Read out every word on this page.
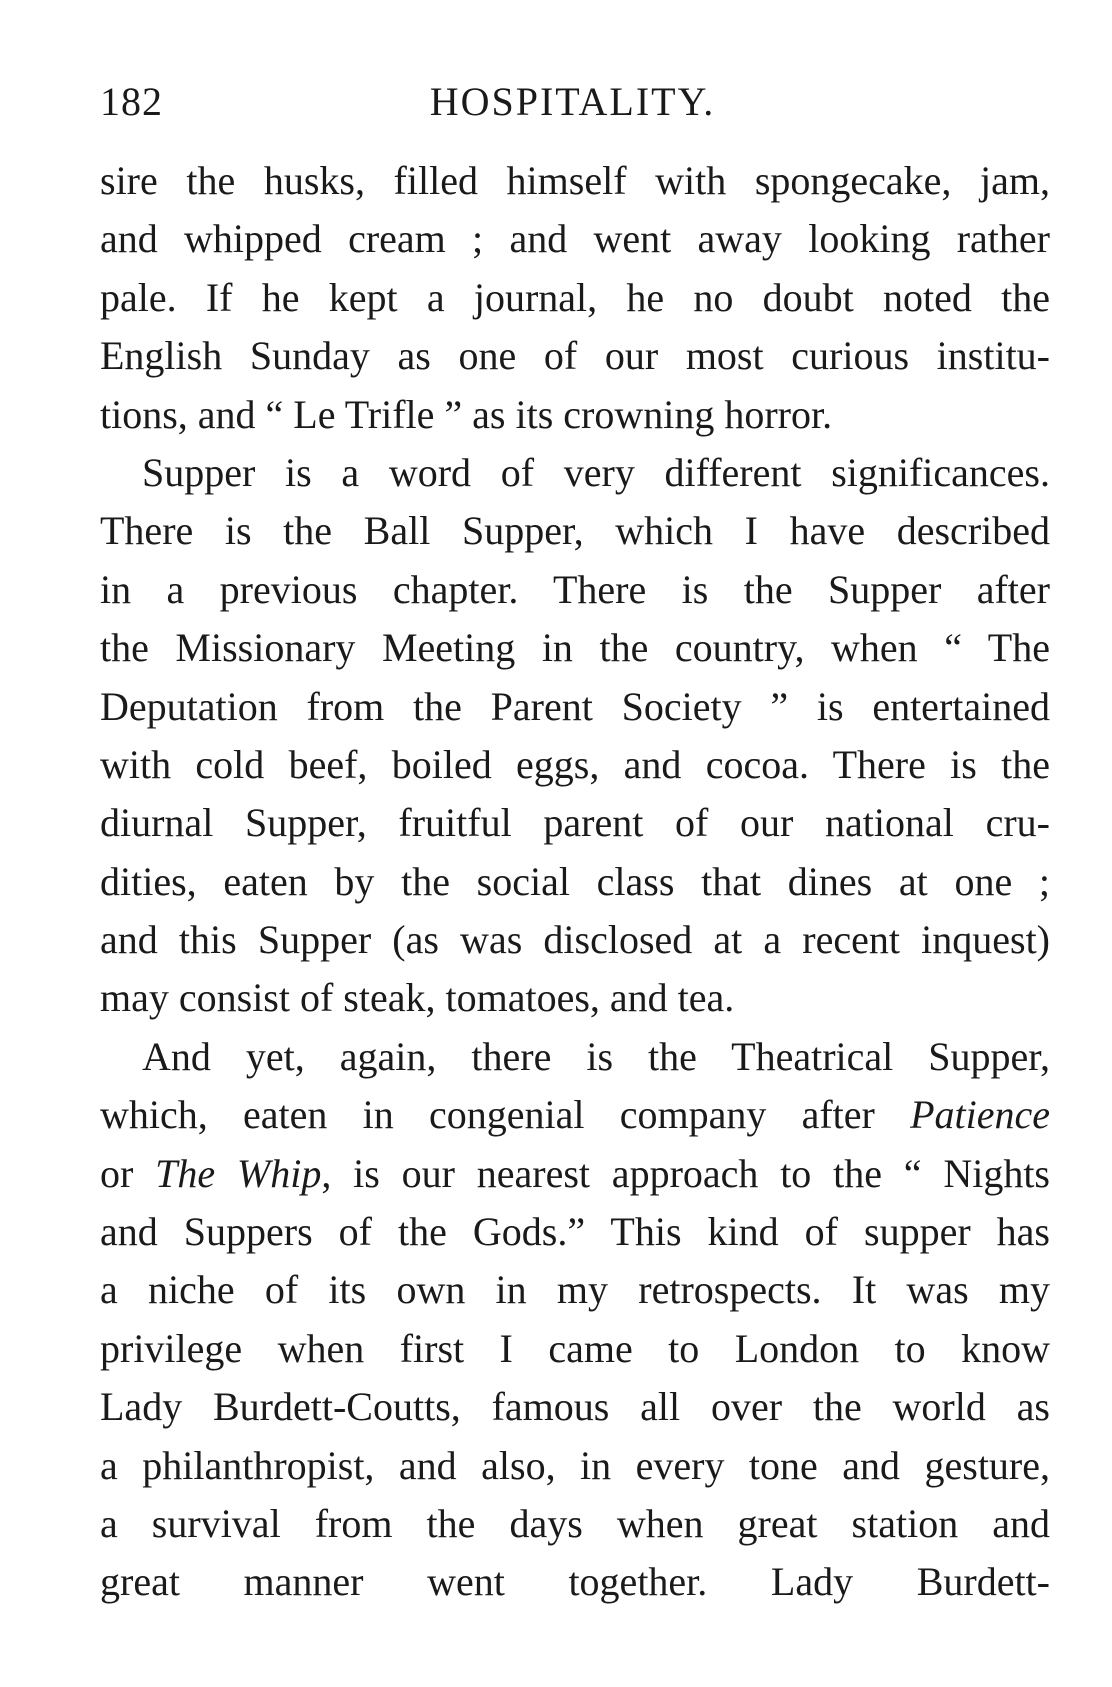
182	HOSPITALITY.
sire the husks, filled himself with spongecake, jam,
and whipped cream ; and went away looking rather
pale. If he kept a journal, he no doubt noted the
English Sunday as one of our most curious institu-
tions, and “ Le Trifle ” as its crowning horror.
Supper is a word of very different significances.
There is the Ball Supper, which I have described
in a previous chapter. There is the Supper after
the Missionary Meeting in the country, when “ The
Deputation from the Parent Society ” is entertained
with cold beef, boiled eggs, and cocoa. There is the
diurnal Supper, fruitful parent of our national cru-
dities, eaten by the social class that dines at one ;
and this Supper (as was disclosed at a recent inquest)
may consist of steak, tomatoes, and tea.
And yet, again, there is the Theatrical Supper,
which, eaten in congenial company after Patience
or The Whip, is our nearest approach to the “ Nights
and Suppers of the Gods.” This kind of supper has
a niche of its own in my retrospects. It was my
privilege when first I came to London to know
Lady Burdett-Coutts, famous all over the world as
a philanthropist, and also, in every tone and gesture,
a survival from the days when great station and
great manner went together. Lady Burdett-
